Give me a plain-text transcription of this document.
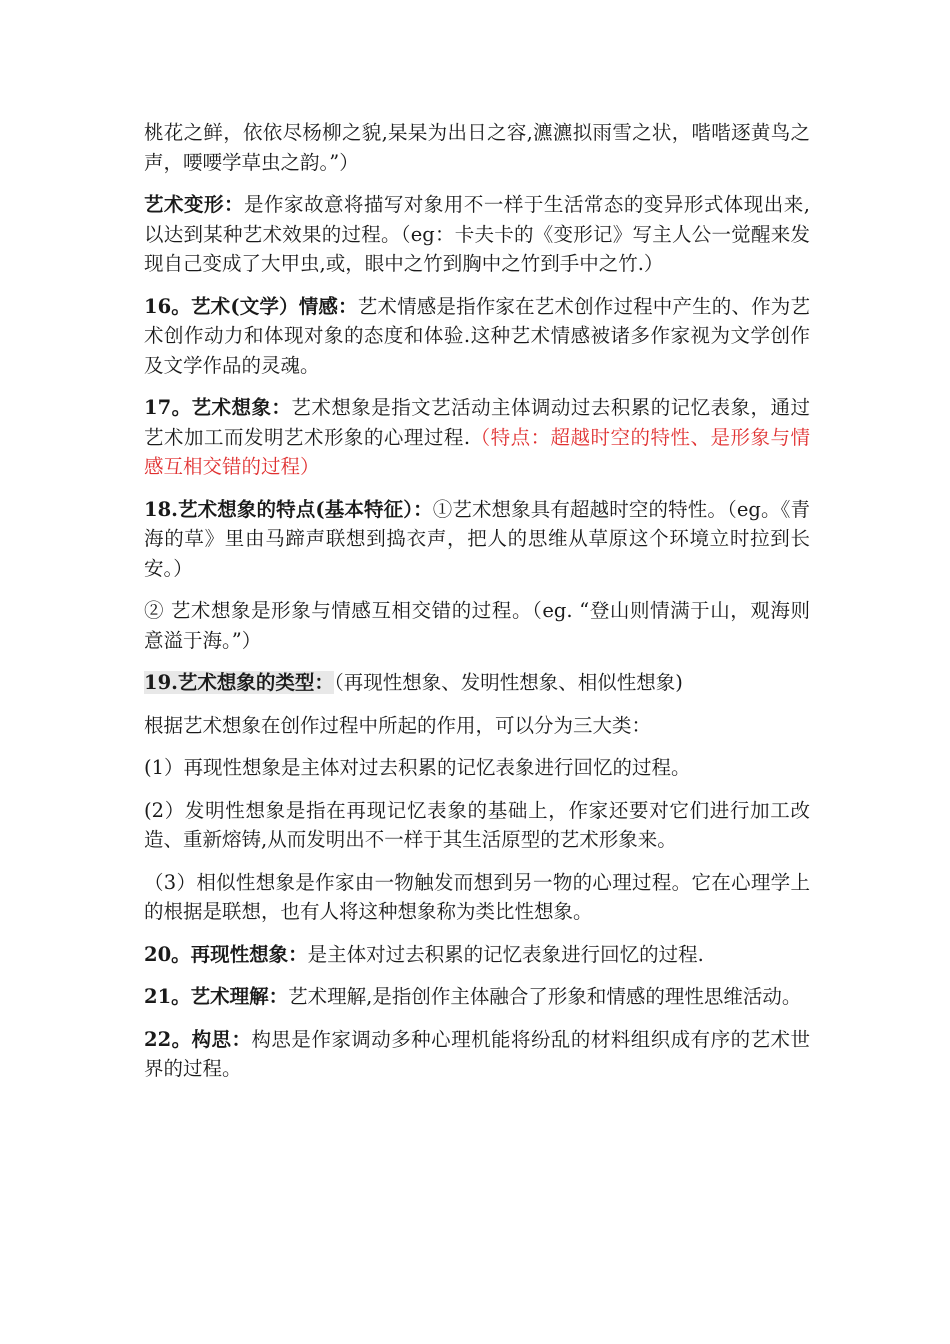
桃花之鲜，依依尽杨柳之貌,杲杲为出日之容,瀌瀌拟雨雪之状，喈喈逐黄鸟之声，喓喓学草虫之韵。”）

艺术变形：是作家故意将描写对象用不一样于生活常态的变异形式体现出来,以达到某种艺术效果的过程。（eg：卡夫卡的《变形记》写主人公一觉醒来发现自己变成了大甲虫,或，眼中之竹到胸中之竹到手中之竹.）

16。艺术(文学）情感：艺术情感是指作家在艺术创作过程中产生的、作为艺术创作动力和体现对象的态度和体验.这种艺术情感被诸多作家视为文学创作及文学作品的灵魂。

17。艺术想象：艺术想象是指文艺活动主体调动过去积累的记忆表象，通过艺术加工而发明艺术形象的心理过程.（特点：超越时空的特性、是形象与情感互相交错的过程）

18.艺术想象的特点(基本特征）：①艺术想象具有超越时空的特性。（eg。《青海的草》里由马蹄声联想到捣衣声，把人的思维从草原这个环境立时拉到长安。）

② 艺术想象是形象与情感互相交错的过程。（eg. “登山则情满于山，观海则意溢于海。”）

19.艺术想象的类型：（再现性想象、发明性想象、相似性想象)

根据艺术想象在创作过程中所起的作用，可以分为三大类：

(1）再现性想象是主体对过去积累的记忆表象进行回忆的过程。

(2）发明性想象是指在再现记忆表象的基础上，作家还要对它们进行加工改造、重新熔铸,从而发明出不一样于其生活原型的艺术形象来。

（3）相似性想象是作家由一物触发而想到另一物的心理过程。它在心理学上的根据是联想，也有人将这种想象称为类比性想象。

20。再现性想象：是主体对过去积累的记忆表象进行回忆的过程.

21。艺术理解：艺术理解,是指创作主体融合了形象和情感的理性思维活动。

22。构思：构思是作家调动多种心理机能将纷乱的材料组织成有序的艺术世界的过程。
